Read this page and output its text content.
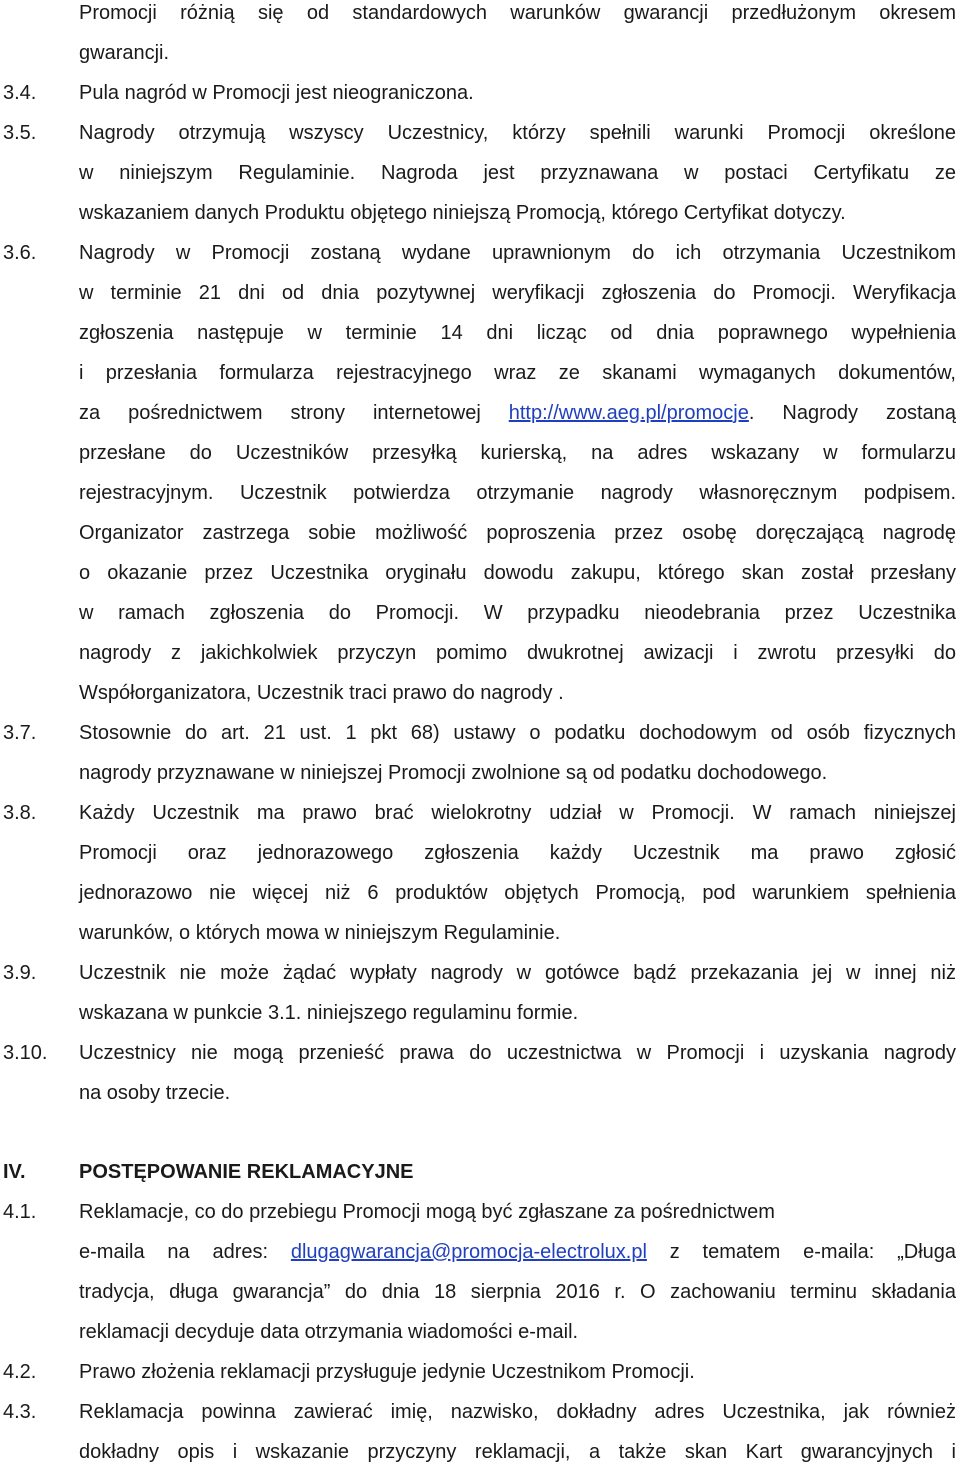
Promocji różnią się od standardowych warunków gwarancji przedłużonym okresem
gwarancji.
3.4. Pula nagród w Promocji jest nieograniczona.
3.5. Nagrody otrzymują wszyscy Uczestnicy, którzy spełnili warunki Promocji określone
w niniejszym Regulaminie. Nagroda jest przyznawana w postaci Certyfikatu ze
wskazaniem danych Produktu objętego niniejszą Promocją, którego Certyfikat dotyczy.
3.6. Nagrody w Promocji zostaną wydane uprawnionym do ich otrzymania Uczestnikom
w terminie 21 dni od dnia pozytywnej weryfikacji zgłoszenia do Promocji. Weryfikacja
zgłoszenia następuje w terminie 14 dni licząc od dnia poprawnego wypełnienia
i przesłania formularza rejestracyjnego wraz ze skanami wymaganych dokumentów,
za pośrednictwem strony internetowej http://www.aeg.pl/promocje. Nagrody zostaną
przesłane do Uczestników przesyłką kurierską, na adres wskazany w formularzu
rejestracyjnym. Uczestnik potwierdza otrzymanie nagrody własnoręcznym podpisem.
Organizator zastrzega sobie możliwość poproszenia przez osobę doręczającą nagrodę
o okazanie przez Uczestnika oryginału dowodu zakupu, którego skan został przesłany
w ramach zgłoszenia do Promocji. W przypadku nieodebrania przez Uczestnika
nagrody z jakichkolwiek przyczyn pomimo dwukrotnej awizacji i zwrotu przesyłki do
Współorganizatora, Uczestnik traci prawo do nagrody .
3.7. Stosownie do art. 21 ust. 1 pkt 68) ustawy o podatku dochodowym od osób fizycznych
nagrody przyznawane w niniejszej Promocji zwolnione są od podatku dochodowego.
3.8. Każdy Uczestnik ma prawo brać wielokrotny udział w Promocji. W ramach niniejszej
Promocji oraz jednorazowego zgłoszenia każdy Uczestnik ma prawo zgłosić
jednorazowo nie więcej niż 6 produktów objętych Promocją, pod warunkiem spełnienia
warunków, o których mowa w niniejszym Regulaminie.
3.9. Uczestnik nie może żądać wypłaty nagrody w gotówce bądź przekazania jej w innej niż
wskazana w punkcie 3.1. niniejszego regulaminu formie.
3.10. Uczestnicy nie mogą przenieść prawa do uczestnictwa w Promocji i uzyskania nagrody
na osoby trzecie.
IV.	POSTĘPOWANIE REKLAMACYJNE
4.1. Reklamacje, co do przebiegu Promocji mogą być zgłaszane za pośrednictwem
e-maila na adres: dlugagwarancja@promocja-electrolux.pl z tematem e-maila: „Długa
tradycja, długa gwarancja” do dnia 18 sierpnia 2016 r. O zachowaniu terminu składania
reklamacji decyduje data otrzymania wiadomości e-mail.
4.2. Prawo złożenia reklamacji przysługuje jedynie Uczestnikom Promocji.
4.3. Reklamacja powinna zawierać imię, nazwisko, dokładny adres Uczestnika, jak również
dokładny opis i wskazanie przyczyny reklamacji, a także skan Kart gwarancyjnych i
